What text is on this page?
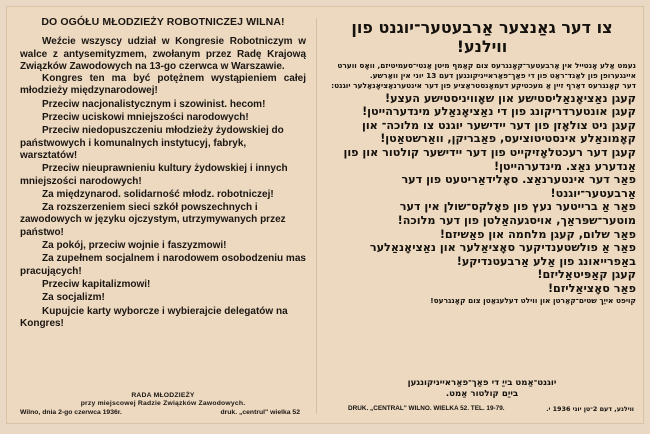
DO OGÓŁU MŁODZIEŻY ROBOTNICZEJ WILNA!

Weźcie wszyscy udział w Kongresie Robotniczym w walce z antysemityzmem, zwołanym przez Radę Krajową Związków Zawodowych na 13-go czerwca w Warszawie.

Kongres ten ma być potężnem wystąpieniem całej młodzieży międzynarodowej!

Przeciw nacjonalistycznym i szowinist. hecom!

Przeciw uciskowi mniejszości narodowych!

Przeciw niedopuszczeniu młodzieży żydowskiej do państwowych i komunalnych instytucyj, fabryk, warsztatów!

Przeciw nieuprawnieniu kultury żydowskiej i innych mniejszości narodowych!

Za międzynarod. solidarność młodz. robotniczej!

Za rozszerzeniem sieci szkół powszechnych i zawodowych w języku ojczystym, utrzymywanych przez państwo!

Za pokój, przeciw wojnie i faszyzmowi!

Za zupełnem socjalnem i narodowem osobodzeniu mas pracujących!

Przeciw kapitalizmowi!

Za socjalizm!

Kupujcie karty wyborcze i wybierajcie delegatów na Kongres!

RADA MŁODZIEŻY
przy miejscowej Radzie Związków Zawodowych.
Wilno, dnia 2-go czerwca 1936r.	druk. „centrul" wielka 52
צו דער גאַנצער אַרבעטער־יוגנט פון ווילנע!

נעמט אַלע אָנטייל אין אַרבעטער־קאָנגרעס צום קאַמף מיטן אַנטי־סעמיטיזם, וואָס ווערט איינגערופן פון לאַנד־ראַט פון די פאַך־פאַראייניקונגען דעם 13 יוני אין וואַרשע.

דער קאָנגרעס דאַרף זיין אַ מעכטיקע דעמאָנסטראַציע פון דער אינטערנאַציאָנאַלער יוגנט:

קעגן נאַציאָנאַליסטישע און שאָוויניסטישע העצע!

קעגן אונטערדריקונג פון די נאַציאָנאַלע מינדערהייטן!

קעגן ניט צולאָזן פון דער יידישער יוגנט צו מלוכה־ און קאָמונאַלע אינסטיטוציעס, פאַבריקן, וואַרשטאַטן!

קעגן דער רעכטלאָזיקייט פון דער יידישער קולטור און פון אַנדערע נאַצ. מינדערהייטן!

פאַר דער אינטערנאַצ. סאָלידאַריטעט פון דער אַרבעטער־יוגנט!

פאַר אַ ברייטער נעץ פון פאָלקס־שולן אין דער מוטער־שפּראַך, אויסגעהאַלטן פון דער מלוכה!

פאַר שלום, קעגן מלחמה און פאַשיזם!

פאַר אַ פולשטענדיקער סאָציאַלער און נאַציאָנאַלער באַפרייאונג פון אַלע אַרבעטנדיקע!

קעגן קאַפּיטאַליזם!

פאַר סאָציאַליזם!

קויפט אייַך שטים־קאַרטן און ווילט דעלעגאַטן צום קאָנגרעס!

יוגנט־אַמט בייַ די פאַך־פאַראייניקונגען
בייַם קולטור אַמט.
DRUK. „CENTRAL" WILNO. WIELKA 52. TEL. 19-79.	ווילנע, דעם 2־טן יוני 1936 י.
